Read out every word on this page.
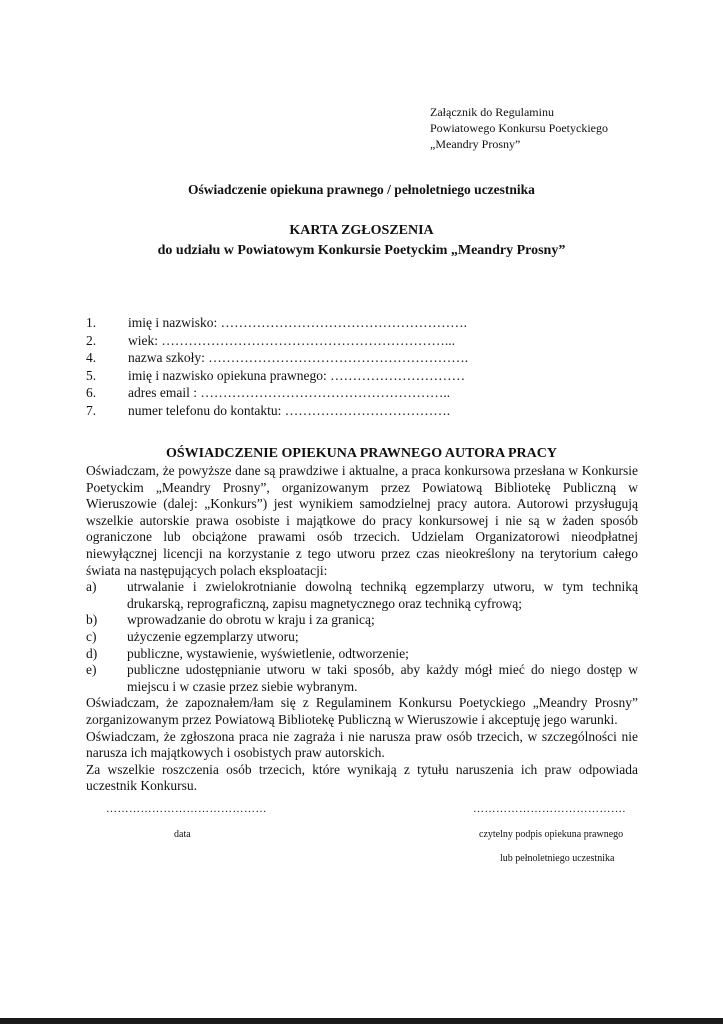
Załącznik do Regulaminu
Powiatowego Konkursu Poetyckiego
„Meandry Prosny”
Oświadczenie opiekuna prawnego / pełnoletniego uczestnika
KARTA ZGŁOSZENIA
do udziału w Powiatowym Konkursie Poetyckim „Meandry Prosny”
1.	imię i nazwisko: ……………………………………………….
2.	wiek: ………………………………………………………...
4.	nazwa szkoły: ………………………………………………….
5.	imię i nazwisko opiekuna prawnego: …………………………
6.	adres email : ………………………………………………..
7.	numer telefonu do kontaktu: ……………………………….
OŚWIADCZENIE OPIEKUNA PRAWNEGO AUTORA PRACY
Oświadczam, że powyższe dane są prawdziwe i aktualne, a praca konkursowa przesłana w Konkursie Poetyckim „Meandry Prosny”, organizowanym przez Powiatową Bibliotekę Publiczną w Wieruszowie (dalej: „Konkurs”) jest wynikiem samodzielnej pracy autora. Autorowi przysługują wszelkie autorskie prawa osobiste i majątkowe do pracy konkursowej i nie są w żaden sposób ograniczone lub obciążone prawami osób trzecich. Udzielam Organizatorowi nieodpłatnej niewyłącznej licencji na korzystanie z tego utworu przez czas nieokreślony na terytorium całego świata na następujących polach eksploatacji:
a)	utrwalanie i zwielokrotnianie dowolną techniką egzemplarzy utworu, w tym techniką drukarską, reprograficzną, zapisu magnetycznego oraz techniką cyfrową;
b)	wprowadzanie do obrotu w kraju i za granicą;
c)	użyczenie egzemplarzy utworu;
d)	publiczne, wystawienie, wyświetlenie, odtworzenie;
e)	publiczne udostępnianie utworu w taki sposób, aby każdy mógł mieć do niego dostęp w miejscu i w czasie przez siebie wybranym.
Oświadczam, że zapoznałem/łam się z Regulaminem Konkursu Poetyckiego „Meandry Prosny” zorganizowanym przez Powiatową Bibliotekę Publiczną w Wieruszowie i akceptuję jego warunki.
Oświadczam, że zgłoszona praca nie zagraża i nie narusza praw osób trzecich, w szczególności nie narusza ich majątkowych i osobistych praw autorskich.
Za wszelkie roszczenia osób trzecich, które wynikają z tytułu naruszenia ich praw odpowiada uczestnik Konkursu.
……………………………………	………………………………….
data	czytelny podpis opiekuna prawnego
lub pełnoletniego uczestnika
